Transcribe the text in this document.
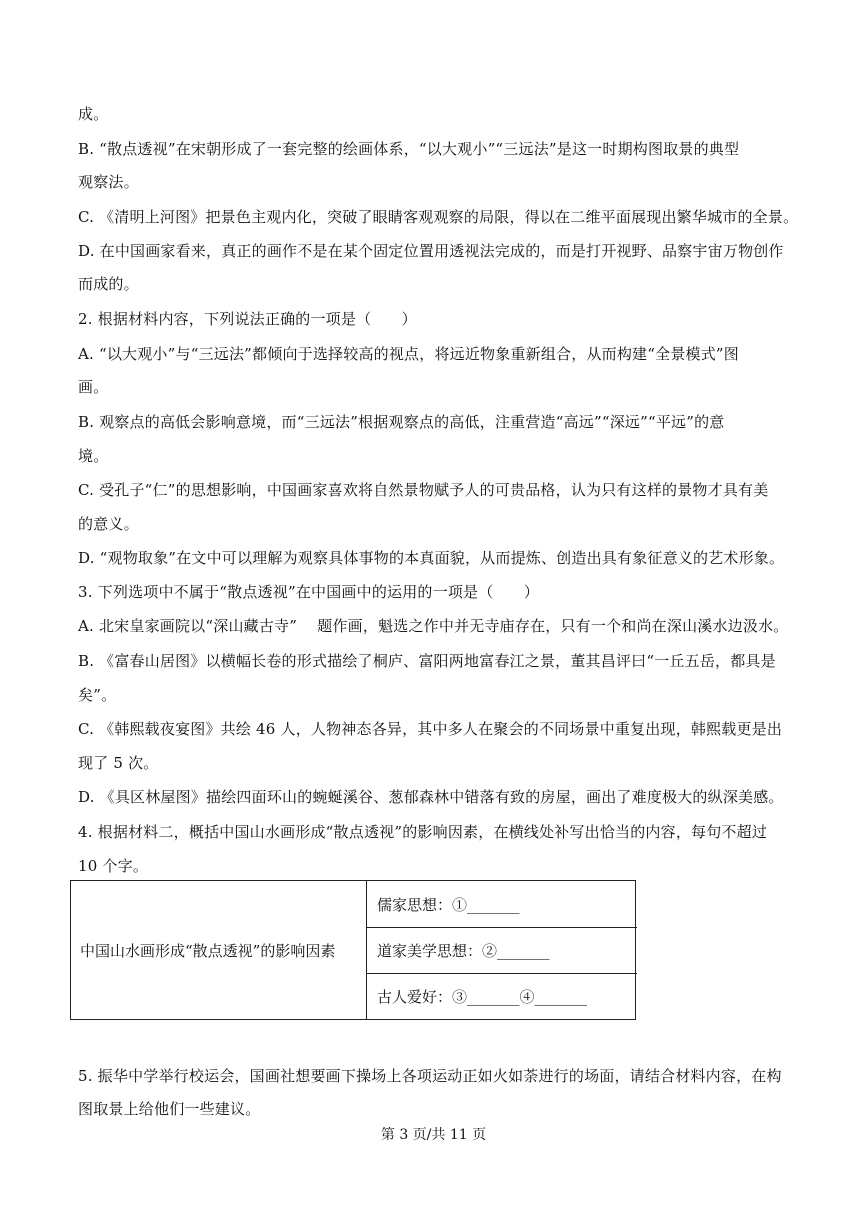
成。
B. “散点透视”在宋朝形成了一套完整的绘画体系，“以大观小”“三远法”是这一时期构图取景的典型
观察法。
C. 《清明上河图》把景色主观内化，突破了眼睛客观观察的局限，得以在二维平面展现出繁华城市的全景。
D. 在中国画家看来，真正的画作不是在某个固定位置用透视法完成的，而是打开视野、品察宇宙万物创作
而成的。
2. 根据材料内容，下列说法正确的一项是（　　）
A. “以大观小”与“三远法”都倾向于选择较高的视点，将远近物象重新组合，从而构建“全景模式”图
画。
B. 观察点的高低会影响意境，而“三远法”根据观察点的高低，注重营造“高远”“深远”“平远”的意
境。
C. 受孔子“仁”的思想影响，中国画家喜欢将自然景物赋予人的可贵品格，认为只有这样的景物才具有美
的意义。
D. “观物取象”在文中可以理解为观察具体事物的本真面貌，从而提炼、创造出具有象征意义的艺术形象。
3. 下列选项中不属于“散点透视”在中国画中的运用的一项是（　　）
A. 北宋皇家画院以“深山藏古寺”　 题作画，魁选之作中并无寺庙存在，只有一个和尚在深山溪水边汲水。
B. 《富春山居图》以横幅长卷的形式描绘了桐庐、富阳两地富春江之景，董其昌评曰“一丘五岳，都具是
矣”。
C. 《韩熙载夜宴图》共绘 46 人，人物神态各异，其中多人在聚会的不同场景中重复出现，韩熙载更是出
现了 5 次。
D. 《具区林屋图》描绘四面环山的蜿蜒溪谷、葱郁森林中错落有致的房屋，画出了难度极大的纵深美感。
4. 根据材料二，概括中国山水画形成“散点透视”的影响因素，在横线处补写出恰当的内容，每句不超过
10 个字。
中国山水画形成“散点透视”的影响因素
儒家思想：①_______
道家美学思想：②_______
古人爱好：③_______④_______
5. 振华中学举行校运会，国画社想要画下操场上各项运动正如火如荼进行的场面，请结合材料内容，在构
图取景上给他们一些建议。
第 3 页/共 11 页
